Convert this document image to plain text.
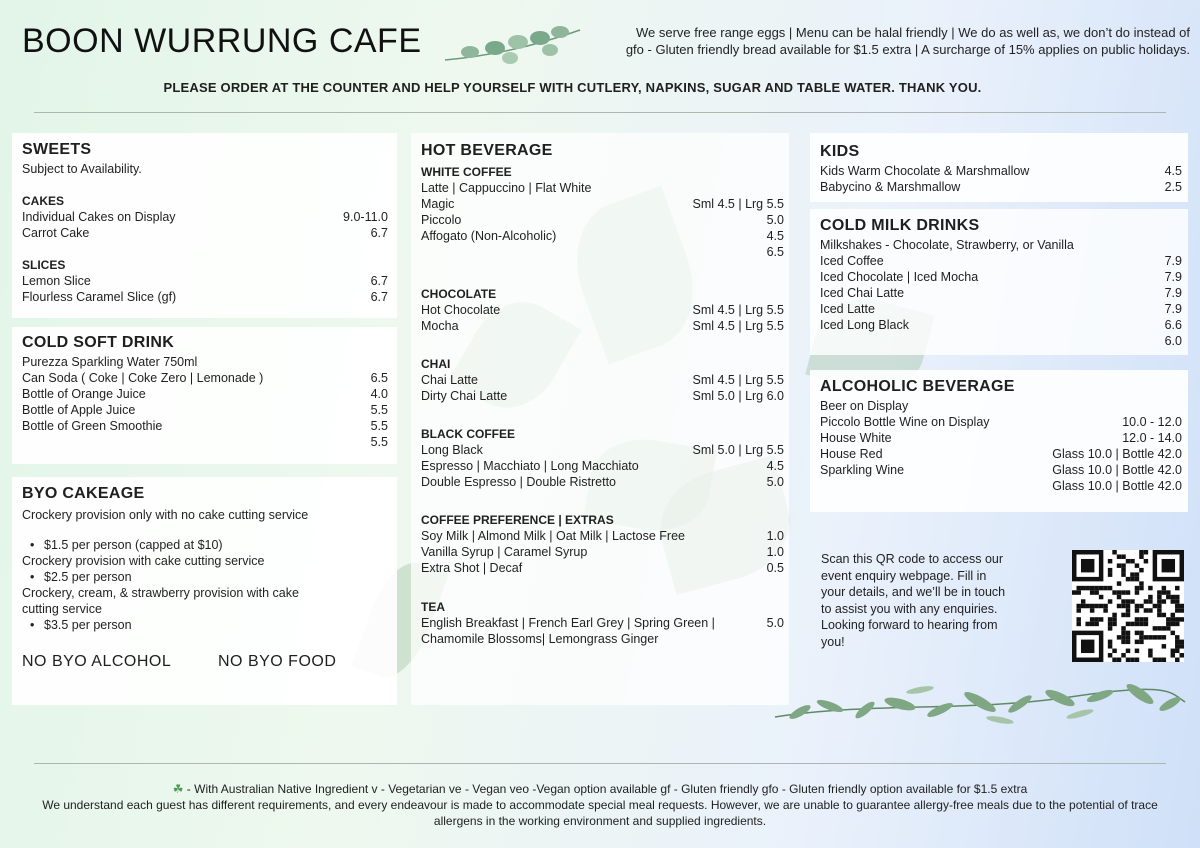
BOON WURRUNG CAFE	We serve free range eggs | Menu can be halal friendly | We do as well as, we don’t do instead of
gfo - Gluten friendly bread available for $1.5 extra | A surcharge of 15% applies on public holidays.
PLEASE ORDER AT THE COUNTER AND HELP YOURSELF WITH CUTLERY, NAPKINS, SUGAR AND TABLE WATER. THANK YOU.
SWEETS
Subject to Availability.
CAKES
Individual Cakes on Display	9.0-11.0
Carrot Cake	6.7
SLICES
Lemon Slice	6.7
Flourless Caramel Slice (gf)	6.7
COLD SOFT DRINK
Purezza Sparkling Water 750ml
Can Soda ( Coke | Coke Zero | Lemonade )	6.5
Bottle of Orange Juice	4.0
Bottle of Apple Juice	5.5
Bottle of Green Smoothie	5.5
5.5
BYO CAKEAGE
Crockery provision only with no cake cutting service
• $1.5 per person (capped at $10)
Crockery provision with cake cutting service
• $2.5 per person
Crockery, cream, & strawberry provision with cake cutting service
• $3.5 per person
NO BYO ALCOHOL	NO BYO FOOD
HOT BEVERAGE
WHITE COFFEE
Latte | Cappuccino | Flat White
Magic	Sml 4.5 | Lrg 5.5
Piccolo	5.0
Affogato (Non-Alcoholic)	4.5
6.5
CHOCOLATE
Hot Chocolate	Sml 4.5 | Lrg 5.5
Mocha	Sml 4.5 | Lrg 5.5
CHAI
Chai Latte	Sml 4.5 | Lrg 5.5
Dirty Chai Latte	Sml 5.0 | Lrg 6.0
BLACK COFFEE
Long Black	Sml 5.0 | Lrg 5.5
Espresso | Macchiato | Long Macchiato	4.5
Double Espresso | Double Ristretto	5.0
COFFEE PREFERENCE | EXTRAS
Soy Milk | Almond Milk | Oat Milk | Lactose Free	1.0
Vanilla Syrup | Caramel Syrup	1.0
Extra Shot | Decaf	0.5
TEA
English Breakfast | French Earl Grey | Spring Green |	5.0
Chamomile Blossoms| Lemongrass Ginger
KIDS
Kids Warm Chocolate & Marshmallow	4.5
Babycino & Marshmallow	2.5
COLD MILK DRINKS
Milkshakes - Chocolate, Strawberry, or Vanilla
Iced Coffee	7.9
Iced Chocolate | Iced Mocha	7.9
Iced Chai Latte	7.9
Iced Latte	7.9
Iced Long Black	6.6
6.0
ALCOHOLIC BEVERAGE
Beer on Display
Piccolo Bottle Wine on Display	10.0 - 12.0
House White	12.0 - 14.0
House Red	Glass 10.0 | Bottle 42.0
Sparkling Wine	Glass 10.0 | Bottle 42.0
Glass 10.0 | Bottle 42.0
Scan this QR code to access our event enquiry webpage. Fill in your details, and we’ll be in touch to assist you with any enquiries. Looking forward to hearing from you!
☘ - With Australian Native Ingredient v - Vegetarian ve - Vegan veo -Vegan option available gf - Gluten friendly gfo - Gluten friendly option available for $1.5 extra
We understand each guest has different requirements, and every endeavour is made to accommodate special meal requests. However, we are unable to guarantee allergy-free meals due to the potential of trace allergens in the working environment and supplied ingredients.
